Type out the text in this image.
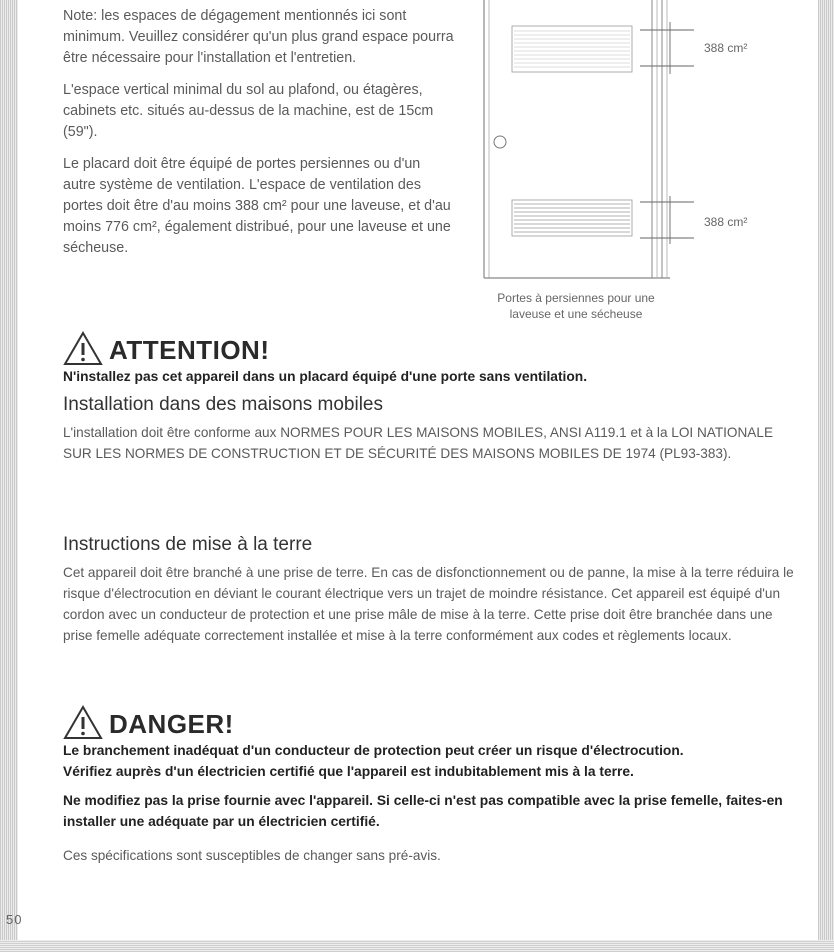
Note: les espaces de dégagement mentionnés ici sont minimum. Veuillez considérer qu'un plus grand espace pourra être nécessaire pour l'installation et l'entretien.

L'espace vertical minimal du sol au plafond, ou étagères, cabinets etc. situés au-dessus de la machine, est de 15cm (59").

Le placard doit être équipé de portes persiennes ou d'un autre système de ventilation. L'espace de ventilation des portes doit être d'au moins 388 cm² pour une laveuse, et d'au moins 776 cm², également distribué, pour une laveuse et une sécheuse.

388 cm²
388 cm²
Portes à persiennes pour une laveuse et une sécheuse
ATTENTION!

N'installez pas cet appareil dans un placard équipé d'une porte sans ventilation.

Installation dans des maisons mobiles

L'installation doit être conforme aux NORMES POUR LES MAISONS MOBILES, ANSI A119.1 et à la LOI NATIONALE SUR LES NORMES DE CONSTRUCTION ET DE SÉCURITÉ DES MAISONS MOBILES DE 1974 (PL93-383).

Instructions de mise à la terre

Cet appareil doit être branché à une prise de terre. En cas de disfonctionnement ou de panne, la mise à la terre réduira le risque d'électrocution en déviant le courant électrique vers un trajet de moindre résistance. Cet appareil est équipé d'un cordon avec un conducteur de protection et une prise mâle de mise à la terre. Cette prise doit être branchée dans une prise femelle adéquate correctement installée et mise à la terre conformément aux codes et règlements locaux.

DANGER!

Le branchement inadéquat d'un conducteur de protection peut créer un risque d'électrocution.

Vérifiez auprès d'un électricien certifié que l'appareil est indubitablement mis à la terre.

Ne modifiez pas la prise fournie avec l'appareil. Si celle-ci n'est pas compatible avec la prise femelle, faites-en installer une adéquate par un électricien certifié.

Ces spécifications sont susceptibles de changer sans pré-avis.
50
